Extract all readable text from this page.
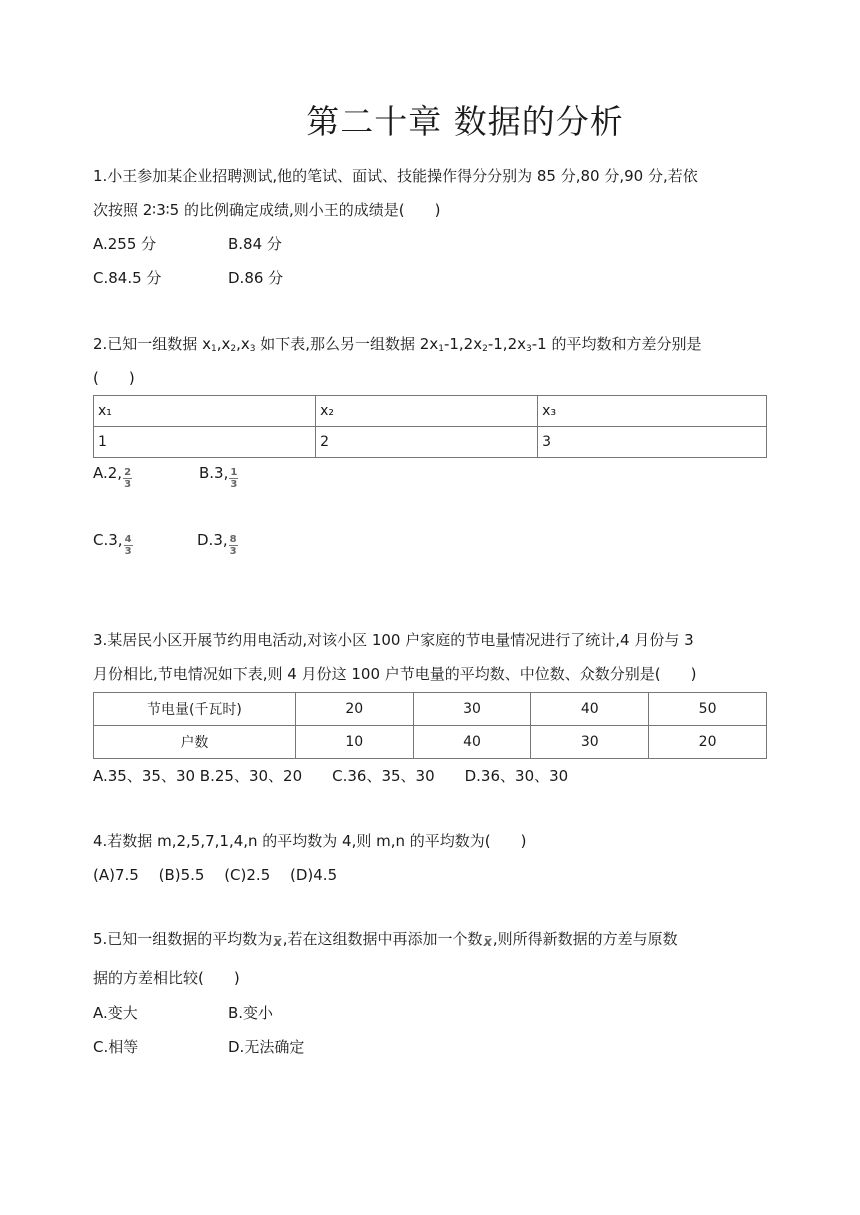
第二十章 数据的分析
1.小王参加某企业招聘测试,他的笔试、面试、技能操作得分分别为 85 分,80 分,90 分,若依
次按照 2∶3∶5 的比例确定成绩,则小王的成绩是(　　)
A.255 分	B.84 分
C.84.5 分	D.86 分
2.已知一组数据 $x_1,x_2,x_3$ 如下表,那么另一组数据 $2x_1-1,2x_2-1,2x_3-1$ 的平均数和方差分别是
(　　)
x₁	x₂	x₃
1	2	3
A.2, $\frac{2}{3}$	B.3, $\frac{1}{3}$
C.3, $\frac{4}{3}$	D.3, $\frac{8}{3}$
3.某居民小区开展节约用电活动,对该小区 100 户家庭的节电量情况进行了统计,4 月份与 3
月份相比,节电情况如下表,则 4 月份这 100 户节电量的平均数、中位数、众数分别是(　　)
节电量(千瓦时)	20	30	40	50
户数	10	40	30	20
A.35、35、30 B.25、30、20　　C.36、35、30　　D.36、30、30
4.若数据 m,2,5,7,1,4,n 的平均数为 4,则 m,n 的平均数为(　　)
(A)7.5　 (B)5.5　 (C)2.5　 (D)4.5
5.已知一组数据的平均数为x,若在这组数据中再添加一个数x,则所得新数据的方差与原数
据的方差相比较(　　)
A.变大	B.变小
C.相等	D.无法确定
